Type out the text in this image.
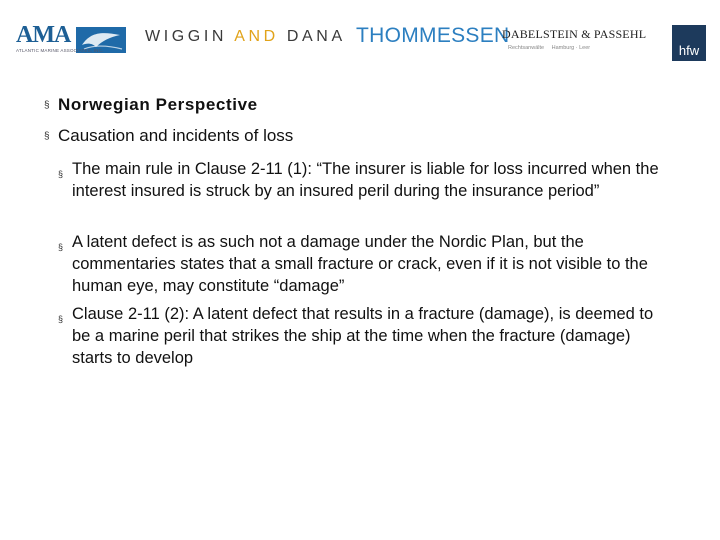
AMA
ATLANTIC MARINE ASSOCIATES, INC.
WIGGIN AND DANA THOMMESSEN
DABELSTEIN & PASSEHL
Rechtsanwälte Hamburg · Leer	hfw
§ Norwegian Perspective
§ Causation and incidents of loss
§ The main rule in Clause 2-11 (1): “The insurer is liable for loss incurred when the interest insured is struck by an insured peril during the insurance period”
§ A latent defect is as such not a damage under the Nordic Plan, but the commentaries states that a small fracture or crack, even if it is not visible to the human eye, may constitute “damage”
§ Clause 2-11 (2): A latent defect that results in a fracture (damage), is deemed to be a marine peril that strikes the ship at the time when the fracture (damage) starts to develop
